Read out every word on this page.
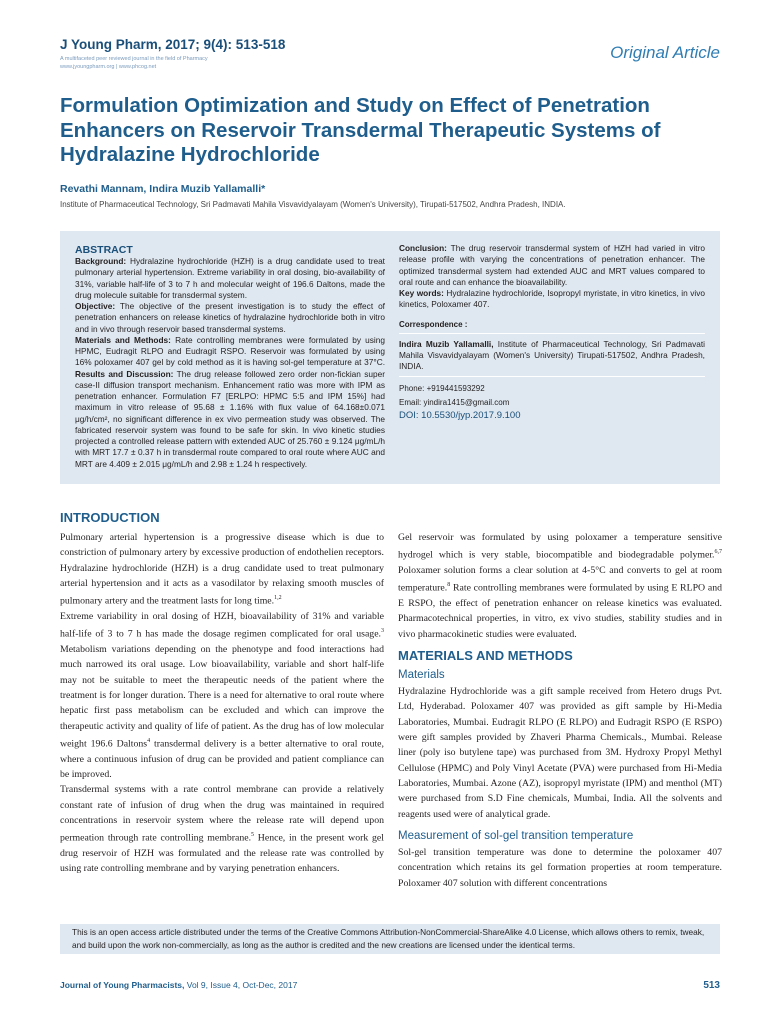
J Young Pharm, 2017; 9(4): 513-518
A multifaceted peer reviewed journal in the field of Pharmacy
www.jyoungpharm.org | www.phcog.net
Original Article
Formulation Optimization and Study on Effect of Penetration Enhancers on Reservoir Transdermal Therapeutic Systems of Hydralazine Hydrochloride
Revathi Mannam, Indira Muzib Yallamalli*
Institute of Pharmaceutical Technology, Sri Padmavati Mahila Visvavidyalayam (Women's University), Tirupati-517502, Andhra Pradesh, INDIA.
ABSTRACT

Background: Hydralazine hydrochloride (HZH) is a drug candidate used to treat pulmonary arterial hypertension. Extreme variability in oral dosing, bio-availability of 31%, variable half-life of 3 to 7 h and molecular weight of 196.6 Daltons, made the drug molecule suitable for transdermal system.

Objective: The objective of the present investigation is to study the effect of penetration enhancers on release kinetics of hydralazine hydrochloride both in vitro and in vivo through reservoir based transdermal systems.

Materials and Methods: Rate controlling membranes were formulated by using HPMC, Eudragit RLPO and Eudragit RSPO. Reservoir was formulated by using 16% poloxamer 407 gel by cold method as it is having sol-gel temperature at 37°C. Results and Discussion: The drug release followed zero order non-fickian super case-II diffusion transport mechanism. Enhancement ratio was more with IPM as penetration enhancer. Formulation F7 [ERLPO: HPMC 5:5 and IPM 15%] had maximum in vitro release of 95.68 ± 1.16% with flux value of 64.168±0.071 μg/h/cm², no significant difference in ex vivo permeation study was observed. The fabricated reservoir system was found to be safe for skin. In vivo kinetic studies projected a controlled release pattern with extended AUC of 25.760 ± 9.124 μg/mL/h with MRT 17.7 ± 0.37 h in transdermal route compared to oral route where AUC and MRT are 4.409 ± 2.015 μg/mL/h and 2.98 ± 1.24 h respectively.

Conclusion: The drug reservoir transdermal system of HZH had varied in vitro release profile with varying the concentrations of penetration enhancer. The optimized transdermal system had extended AUC and MRT values compared to oral route and can enhance the bioavailability.

Key words: Hydralazine hydrochloride, Isopropyl myristate, in vitro kinetics, in vivo kinetics, Poloxamer 407.

Correspondence :

Indira Muzib Yallamalli, Institute of Pharmaceutical Technology, Sri Padmavati Mahila Visvavidyalayam (Women's University) Tirupati-517502, Andhra Pradesh, INDIA.

Phone: +919441593292

Email: yindira1415@gmail.com

DOI: 10.5530/jyp.2017.9.100

INTRODUCTION

Pulmonary arterial hypertension is a progressive disease which is due to constriction of pulmonary artery by excessive production of endothelien receptors. Hydralazine hydrochloride (HZH) is a drug candidate used to treat pulmonary arterial hypertension and it acts as a vasodilator by relaxing smooth muscles of pulmonary artery and the treatment lasts for long time.$^{1,2}$

Extreme variability in oral dosing of HZH, bioavailability of 31% and variable half-life of 3 to 7 h has made the dosage regimen complicated for oral usage.$^3$ Metabolism variations depending on the phenotype and food interactions had much narrowed its oral usage. Low bioavailability, variable and short half-life may not be suitable to meet the therapeutic needs of the patient where the treatment is for longer duration. There is a need for alternative to oral route where hepatic first pass metabolism can be excluded and which can improve the therapeutic activity and quality of life of patient. As the drug has of low molecular weight 196.6 Daltons$^4$ transdermal delivery is a better alternative to oral route, where a continuous infusion of drug can be provided and patient compliance can be improved.

Transdermal systems with a rate control membrane can provide a relatively constant rate of infusion of drug when the drug was maintained in required concentrations in reservoir system where the release rate will depend upon permeation through rate controlling membrane.$^5$ Hence, in the present work gel drug reservoir of HZH was formulated and the release rate was controlled by using rate controlling membrane and by varying penetration enhancers.

Gel reservoir was formulated by using poloxamer a temperature sensitive hydrogel which is very stable, biocompatible and biodegradable polymer.$^{6,7}$ Poloxamer solution forms a clear solution at 4-5°C and converts to gel at room temperature.$^8$ Rate controlling membranes were formulated by using E RLPO and E RSPO, the effect of penetration enhancer on release kinetics was evaluated. Pharmacotechnical properties, in vitro, ex vivo studies, stability studies and in vivo pharmacokinetic studies were evaluated.

MATERIALS AND METHODS
Materials

Hydralazine Hydrochloride was a gift sample received from Hetero drugs Pvt. Ltd, Hyderabad. Poloxamer 407 was provided as gift sample by Hi-Media Laboratories, Mumbai. Eudragit RLPO (E RLPO) and Eudragit RSPO (E RSPO) were gift samples provided by Zhaveri Pharma Chemicals., Mumbai. Release liner (poly iso butylene tape) was purchased from 3M. Hydroxy Propyl Methyl Cellulose (HPMC) and Poly Vinyl Acetate (PVA) were purchased from Hi-Media Laboratories, Mumbai. Azone (AZ), isopropyl myristate (IPM) and menthol (MT) were purchased from S.D Fine chemicals, Mumbai, India. All the solvents and reagents used were of analytical grade.

Measurement of sol-gel transition temperature

Sol-gel transition temperature was done to determine the poloxamer 407 concentration which retains its gel formation properties at room temperature. Poloxamer 407 solution with different concentrations

This is an open access article distributed under the terms of the Creative Commons Attribution-NonCommercial-ShareAlike 4.0 License, which allows others to remix, tweak, and build upon the work non-commercially, as long as the author is credited and the new creations are licensed under the identical terms.
Journal of Young Pharmacists, Vol 9, Issue 4, Oct-Dec, 2017	513
